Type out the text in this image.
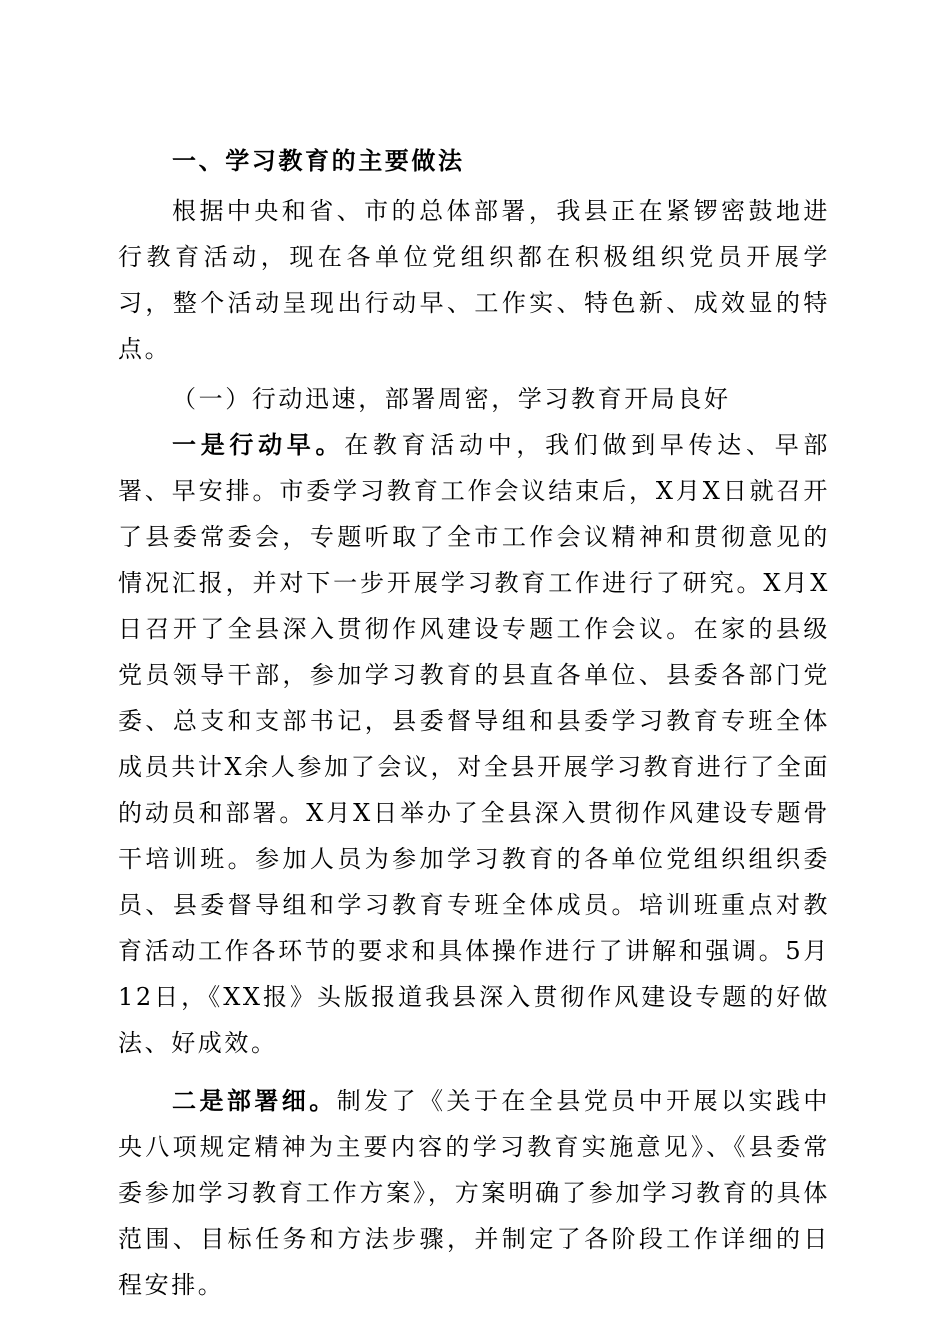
一、学习教育的主要做法

根据中央和省、市的总体部署，我县正在紧锣密鼓地进行教育活动，现在各单位党组织都在积极组织党员开展学习，整个活动呈现出行动早、工作实、特色新、成效显的特点。

（一）行动迅速，部署周密，学习教育开局良好

一是行动早。在教育活动中，我们做到早传达、早部署、早安排。市委学习教育工作会议结束后，X月X日就召开了县委常委会，专题听取了全市工作会议精神和贯彻意见的情况汇报，并对下一步开展学习教育工作进行了研究。X月X日召开了全县深入贯彻作风建设专题工作会议。在家的县级党员领导干部，参加学习教育的县直各单位、县委各部门党委、总支和支部书记，县委督导组和县委学习教育专班全体成员共计X余人参加了会议，对全县开展学习教育进行了全面的动员和部署。X月X日举办了全县深入贯彻作风建设专题骨干培训班。参加人员为参加学习教育的各单位党组织组织委员、县委督导组和学习教育专班全体成员。培训班重点对教育活动工作各环节的要求和具体操作进行了讲解和强调。5月12日，《XX报》头版报道我县深入贯彻作风建设专题的好做法、好成效。

二是部署细。制发了《关于在全县党员中开展以实践中央八项规定精神为主要内容的学习教育实施意见》、《县委常委参加学习教育工作方案》，方案明确了参加学习教育的具体范围、目标任务和方法步骤，并制定了各阶段工作详细的日程安排。
